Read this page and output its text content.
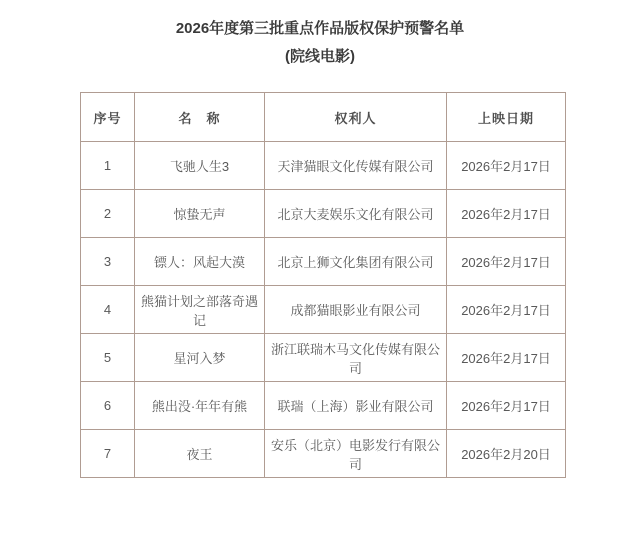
2026年度第三批重点作品版权保护预警名单
(院线电影)
序号	名　称	权利人	上映日期
1	飞驰人生3	天津猫眼文化传媒有限公司	2026年2月17日
2	惊蛰无声	北京大麦娱乐文化有限公司	2026年2月17日
3	镖人：风起大漠	北京上狮文化集团有限公司	2026年2月17日
4	熊猫计划之部落奇遇记	成都猫眼影业有限公司	2026年2月17日
5	星河入梦	浙江联瑞木马文化传媒有限公司	2026年2月17日
6	熊出没·年年有熊	联瑞（上海）影业有限公司	2026年2月17日
7	夜王	安乐（北京）电影发行有限公司	2026年2月20日
